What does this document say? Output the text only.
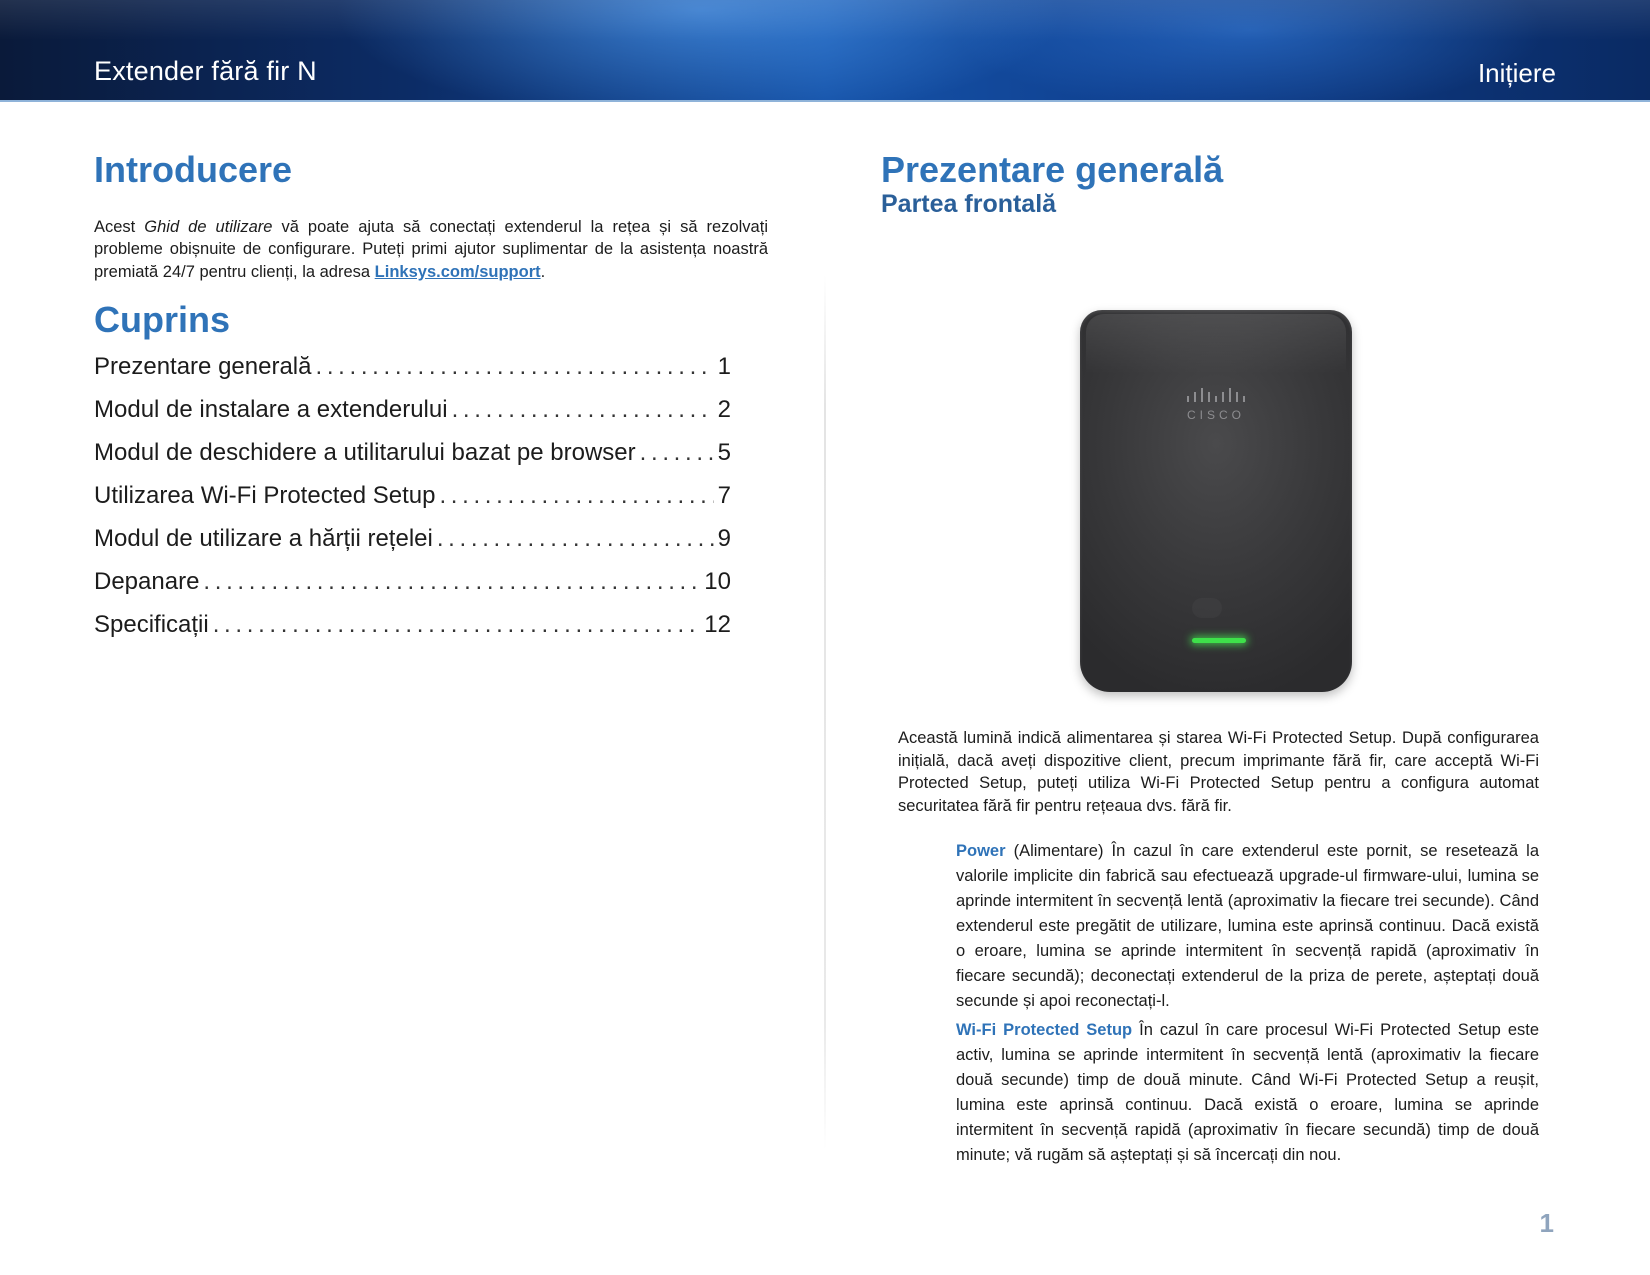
Extender fără fir N	Inițiere
Introducere

Acest Ghid de utilizare vă poate ajuta să conectați extenderul la rețea și să rezolvați probleme obișnuite de configurare. Puteți primi ajutor suplimentar de la asistența noastră premiată 24/7 pentru clienți, la adresa Linksys.com/support.

Cuprins
Prezentare generală . . .	1
Modul de instalare a extenderului . . .	2
Modul de deschidere a utilitarului bazat pe browser . . .	5
Utilizarea Wi-Fi Protected Setup . . .	7
Modul de utilizare a hărții rețelei . . .	9
Depanare . . .	10
Specificații . . .	12
Prezentare generală
Partea frontală
CISCO

Această lumină indică alimentarea și starea Wi-Fi Protected Setup. După configurarea inițială, dacă aveți dispozitive client, precum imprimante fără fir, care acceptă Wi-Fi Protected Setup, puteți utiliza Wi-Fi Protected Setup pentru a configura automat securitatea fără fir pentru rețeaua dvs. fără fir.

Power (Alimentare) În cazul în care extenderul este pornit, se resetează la valorile implicite din fabrică sau efectuează upgrade-ul firmware-ului, lumina se aprinde intermitent în secvență lentă (aproximativ la fiecare trei secunde). Când extenderul este pregătit de utilizare, lumina este aprinsă continuu. Dacă există o eroare, lumina se aprinde intermitent în secvență rapidă (aproximativ în fiecare secundă); deconectați extenderul de la priza de perete, așteptați două secunde și apoi reconectați-l.

Wi-Fi Protected Setup În cazul în care procesul Wi-Fi Protected Setup este activ, lumina se aprinde intermitent în secvență lentă (aproximativ la fiecare două secunde) timp de două minute. Când Wi-Fi Protected Setup a reușit, lumina este aprinsă continuu. Dacă există o eroare, lumina se aprinde intermitent în secvență rapidă (aproximativ în fiecare secundă) timp de două minute; vă rugăm să așteptați și să încercați din nou.

1
